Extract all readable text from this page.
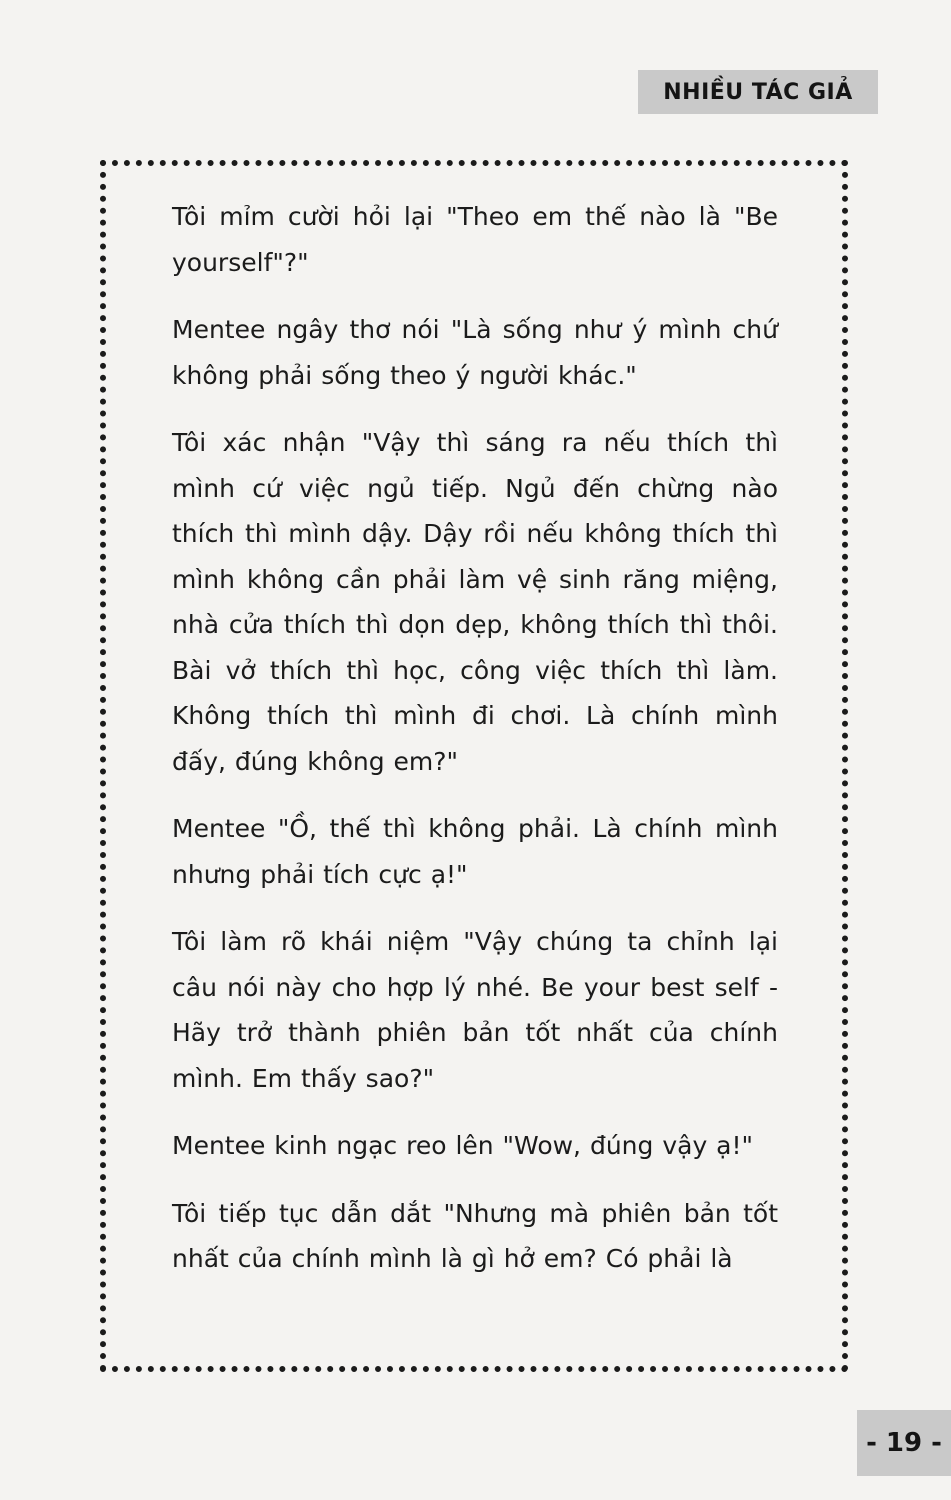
NHIỀU TÁC GIẢ

Tôi mỉm cười hỏi lại "Theo em thế nào là "Be yourself"?"

Mentee ngây thơ nói "Là sống như ý mình chứ không phải sống theo ý người khác."

Tôi xác nhận "Vậy thì sáng ra nếu thích thì mình cứ việc ngủ tiếp. Ngủ đến chừng nào thích thì mình dậy. Dậy rồi nếu không thích thì mình không cần phải làm vệ sinh răng miệng, nhà cửa thích thì dọn dẹp, không thích thì thôi. Bài vở thích thì học, công việc thích thì làm. Không thích thì mình đi chơi. Là chính mình đấy, đúng không em?"

Mentee "Ồ, thế thì không phải. Là chính mình nhưng phải tích cực ạ!"

Tôi làm rõ khái niệm "Vậy chúng ta chỉnh lại câu nói này cho hợp lý nhé. Be your best self - Hãy trở thành phiên bản tốt nhất của chính mình. Em thấy sao?"

Mentee kinh ngạc reo lên "Wow, đúng vậy ạ!"

Tôi tiếp tục dẫn dắt "Nhưng mà phiên bản tốt nhất của chính mình là gì hở em? Có phải là

- 19 -
